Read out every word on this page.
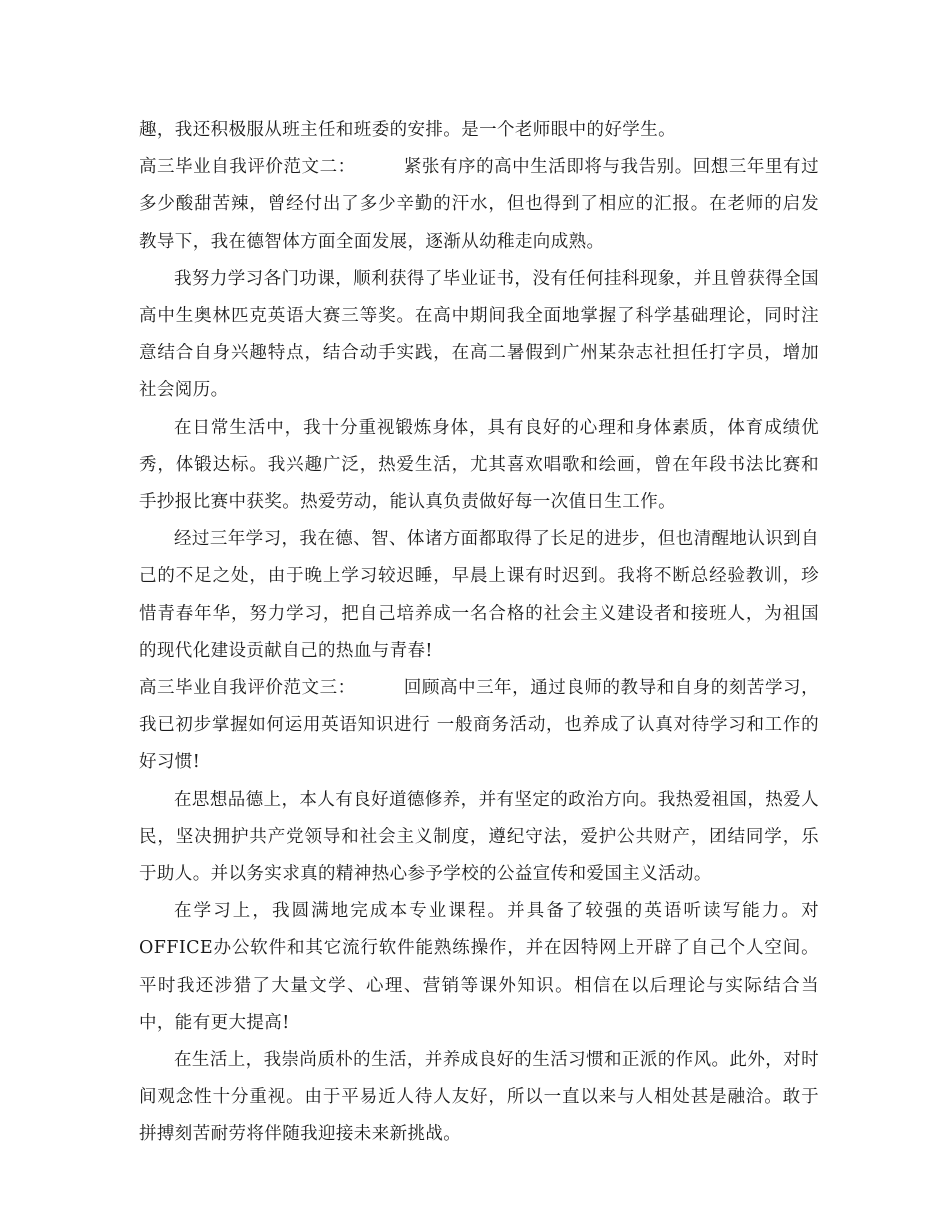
趣，我还积极服从班主任和班委的安排。是一个老师眼中的好学生。

高三毕业自我评价范文二：	紧张有序的高中生活即将与我告别。回想三年里有过多少酸甜苦辣，曾经付出了多少辛勤的汗水，但也得到了相应的汇报。在老师的启发教导下，我在德智体方面全面发展，逐渐从幼稚走向成熟。

我努力学习各门功课，顺利获得了毕业证书，没有任何挂科现象，并且曾获得全国高中生奥林匹克英语大赛三等奖。在高中期间我全面地掌握了科学基础理论，同时注意结合自身兴趣特点，结合动手实践，在高二暑假到广州某杂志社担任打字员，增加社会阅历。

在日常生活中，我十分重视锻炼身体，具有良好的心理和身体素质，体育成绩优秀，体锻达标。我兴趣广泛，热爱生活，尤其喜欢唱歌和绘画，曾在年段书法比赛和手抄报比赛中获奖。热爱劳动，能认真负责做好每一次值日生工作。

经过三年学习，我在德、智、体诸方面都取得了长足的进步，但也清醒地认识到自己的不足之处，由于晚上学习较迟睡，早晨上课有时迟到。我将不断总经验教训，珍惜青春年华，努力学习，把自己培养成一名合格的社会主义建设者和接班人，为祖国的现代化建设贡献自己的热血与青春!

高三毕业自我评价范文三：	回顾高中三年，通过良师的教导和自身的刻苦学习，我已初步掌握如何运用英语知识进行 一般商务活动，也养成了认真对待学习和工作的好习惯!

在思想品德上，本人有良好道德修养，并有坚定的政治方向。我热爱祖国，热爱人民，坚决拥护共产党领导和社会主义制度，遵纪守法，爱护公共财产，团结同学，乐于助人。并以务实求真的精神热心参予学校的公益宣传和爱国主义活动。

在学习上，我圆满地完成本专业课程。并具备了较强的英语听读写能力。对OFFICE办公软件和其它流行软件能熟练操作，并在因特网上开辟了自己个人空间。平时我还涉猎了大量文学、心理、营销等课外知识。相信在以后理论与实际结合当中，能有更大提高!

在生活上，我崇尚质朴的生活，并养成良好的生活习惯和正派的作风。此外，对时间观念性十分重视。由于平易近人待人友好，所以一直以来与人相处甚是融洽。敢于拼搏刻苦耐劳将伴随我迎接未来新挑战。
